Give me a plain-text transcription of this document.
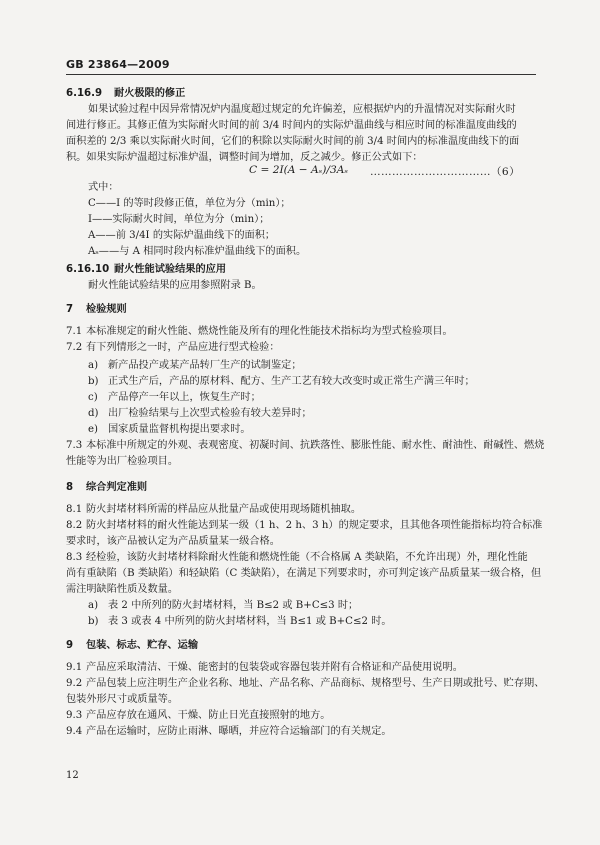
GB 23864—2009
6.16.9 耐火极限的修正
如果试验过程中因异常情况炉内温度超过规定的允许偏差，应根据炉内的升温情况对实际耐火时
间进行修正。其修正值为实际耐火时间的前 3/4 时间内的实际炉温曲线与相应时间的标准温度曲线的
面积差的 2/3 乘以实际耐火时间，它们的积除以实际耐火时间的前 3/4 时间内的标准温度曲线下的面
积。如果实际炉温超过标准炉温，调整时间为增加，反之减少。修正公式如下：
C = 2I(A − Aₛ)/3Aₛ ……………………………（6）
式中：
C——I 的等时段修正值，单位为分（min）；
I——实际耐火时间，单位为分（min）；
A——前 3/4I 的实际炉温曲线下的面积；
Aₛ——与 A 相同时段内标准炉温曲线下的面积。
6.16.10 耐火性能试验结果的应用
耐火性能试验结果的应用参照附录 B。
7 检验规则
7.1 本标准规定的耐火性能、燃烧性能及所有的理化性能技术指标均为型式检验项目。
7.2 有下列情形之一时，产品应进行型式检验：
a) 新产品投产或某产品转厂生产的试制鉴定；
b) 正式生产后，产品的原材料、配方、生产工艺有较大改变时或正常生产满三年时；
c) 产品停产一年以上，恢复生产时；
d) 出厂检验结果与上次型式检验有较大差异时；
e) 国家质量监督机构提出要求时。
7.3 本标准中所规定的外观、表观密度、初凝时间、抗跌落性、膨胀性能、耐水性、耐油性、耐碱性、燃烧
性能等为出厂检验项目。
8 综合判定准则
8.1 防火封堵材料所需的样品应从批量产品或使用现场随机抽取。
8.2 防火封堵材料的耐火性能达到某一级（1 h、2 h、3 h）的规定要求，且其他各项性能指标均符合标准
要求时，该产品被认定为产品质量某一级合格。
8.3 经检验，该防火封堵材料除耐火性能和燃烧性能（不合格属 A 类缺陷，不允许出现）外，理化性能
尚有重缺陷（B 类缺陷）和轻缺陷（C 类缺陷），在满足下列要求时，亦可判定该产品质量某一级合格，但
需注明缺陷性质及数量。
a) 表 2 中所列的防火封堵材料，当 B≤2 或 B+C≤3 时；
b) 表 3 或表 4 中所列的防火封堵材料，当 B≤1 或 B+C≤2 时。
9 包装、标志、贮存、运输
9.1 产品应采取清洁、干燥、能密封的包装袋或容器包装并附有合格证和产品使用说明。
9.2 产品包装上应注明生产企业名称、地址、产品名称、产品商标、规格型号、生产日期或批号、贮存期、
包装外形尺寸或质量等。
9.3 产品应存放在通风、干燥、防止日光直接照射的地方。
9.4 产品在运输时，应防止雨淋、曝晒，并应符合运输部门的有关规定。
12
